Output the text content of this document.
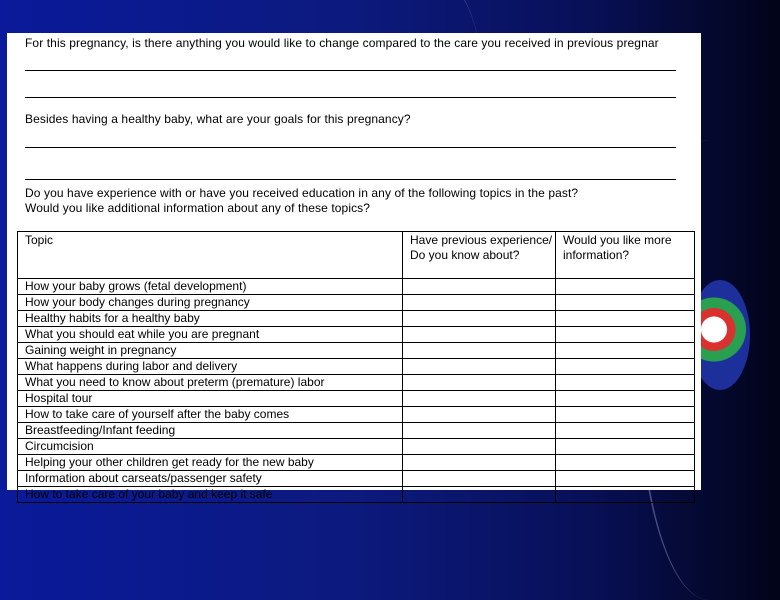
For this pregnancy, is there anything you would like to change compared to the care you received in previous pregnar
Besides having a healthy baby, what are your goals for this pregnancy?
Do you have experience with or have you received education in any of the following topics in the past?
Would you like additional information about any of these topics?
Topic	Have previous experience/ Do you know about?	Would you like more information?
How your baby grows (fetal development)		
How your body changes during pregnancy		
Healthy habits for a healthy baby		
What you should eat while you are pregnant		
Gaining weight in pregnancy		
What happens during labor and delivery		
What you need to know about preterm (premature) labor		
Hospital tour		
How to take care of yourself after the baby comes		
Breastfeeding/Infant feeding		
Circumcision		
Helping your other children get ready for the new baby		
Information about carseats/passenger safety		
How to take care of your baby and keep it safe		
